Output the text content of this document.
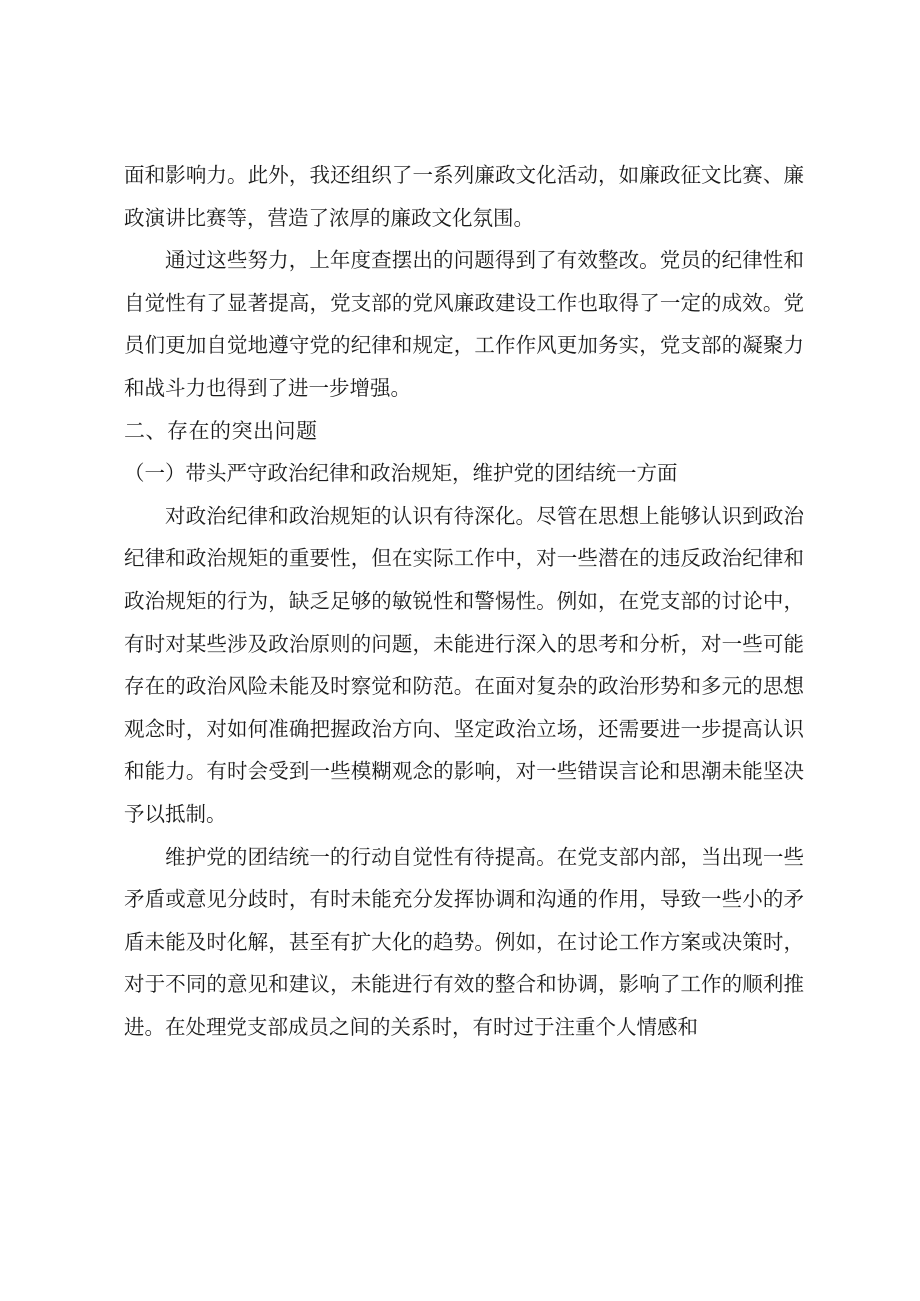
面和影响力。此外，我还组织了一系列廉政文化活动，如廉政征文比赛、廉政演讲比赛等，营造了浓厚的廉政文化氛围。

通过这些努力，上年度查摆出的问题得到了有效整改。党员的纪律性和自觉性有了显著提高，党支部的党风廉政建设工作也取得了一定的成效。党员们更加自觉地遵守党的纪律和规定，工作作风更加务实，党支部的凝聚力和战斗力也得到了进一步增强。

二、存在的突出问题

（一）带头严守政治纪律和政治规矩，维护党的团结统一方面

对政治纪律和政治规矩的认识有待深化。尽管在思想上能够认识到政治纪律和政治规矩的重要性，但在实际工作中，对一些潜在的违反政治纪律和政治规矩的行为，缺乏足够的敏锐性和警惕性。例如，在党支部的讨论中，有时对某些涉及政治原则的问题，未能进行深入的思考和分析，对一些可能存在的政治风险未能及时察觉和防范。在面对复杂的政治形势和多元的思想观念时，对如何准确把握政治方向、坚定政治立场，还需要进一步提高认识和能力。有时会受到一些模糊观念的影响，对一些错误言论和思潮未能坚决予以抵制。

维护党的团结统一的行动自觉性有待提高。在党支部内部，当出现一些矛盾或意见分歧时，有时未能充分发挥协调和沟通的作用，导致一些小的矛盾未能及时化解，甚至有扩大化的趋势。例如，在讨论工作方案或决策时，对于不同的意见和建议，未能进行有效的整合和协调，影响了工作的顺利推进。在处理党支部成员之间的关系时，有时过于注重个人情感和
